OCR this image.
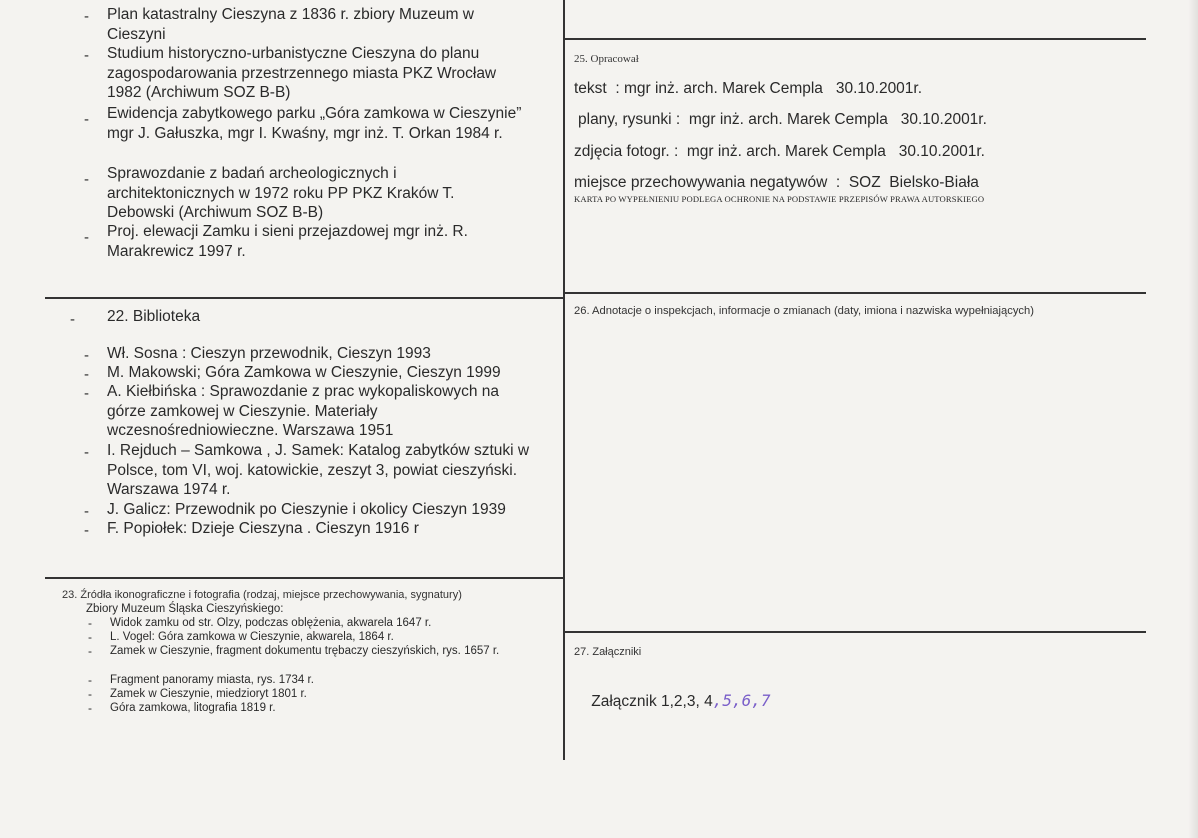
- Plan katastralny Cieszyna z 1836 r. zbiory Muzeum w Cieszyni
- Studium historyczno-urbanistyczne Cieszyna do planu zagospodarowania przestrzennego miasta PKZ Wrocław 1982 (Archiwum SOZ B-B)
- Ewidencja zabytkowego parku „Góra zamkowa w Cieszynie” mgr J. Gałuszka, mgr I. Kwaśny, mgr inż. T. Orkan 1984 r.
- Sprawozdanie z badań archeologicznych i architektonicznych w 1972 roku PP PKZ Kraków T. Debowski (Archiwum SOZ B-B)
- Proj. elewacji Zamku i sieni przejazdowej mgr inż. R. Marakrewicz 1997 r.
- 22. Biblioteka
- Wł. Sosna : Cieszyn przewodnik, Cieszyn 1993
- M. Makowski; Góra Zamkowa w Cieszynie, Cieszyn 1999
- A. Kiełbińska : Sprawozdanie z prac wykopaliskowych na górze zamkowej w Cieszynie. Materiały wczesnośredniowieczne. Warszawa 1951
- I. Rejduch – Samkowa , J. Samek: Katalog zabytków sztuki w Polsce, tom VI, woj. katowickie, zeszyt 3, powiat cieszyński. Warszawa 1974 r.
- J. Galicz: Przewodnik po Cieszynie i okolicy Cieszyn 1939
- F. Popiołek: Dzieje Cieszyna . Cieszyn 1916 r
23. Źródła ikonograficzne i fotografia (rodzaj, miejsce przechowywania, sygnatury)
Zbiory Muzeum Śląska Cieszyńskiego:
- Widok zamku od str. Olzy, podczas oblężenia, akwarela 1647 r.
- L. Vogel: Góra zamkowa w Cieszynie, akwarela, 1864 r.
- Zamek w Cieszynie, fragment dokumentu trębaczy cieszyńskich, rys. 1657 r.
- Fragment panoramy miasta, rys. 1734 r.
- Zamek w Cieszynie, miedzioryt 1801 r.
- Góra zamkowa, litografia 1819 r.
25. Opracował
tekst  : mgr inż. arch. Marek Cempla   30.10.2001r.
plany, rysunki :  mgr inż. arch. Marek Cempla   30.10.2001r.
zdjęcia fotogr. :  mgr inż. arch. Marek Cempla   30.10.2001r.
miejsce przechowywania negatywów  :  SOZ  Bielsko-Biała
KARTA PO WYPEŁNIENIU PODLEGA OCHRONIE NA PODSTAWIE PRZEPISÓW PRAWA AUTORSKIEGO
26. Adnotacje o inspekcjach, informacje o zmianach (daty, imiona i nazwiska wypełniających)
27. Załączniki

Załącznik 1,2,3, 4,5,6,7
